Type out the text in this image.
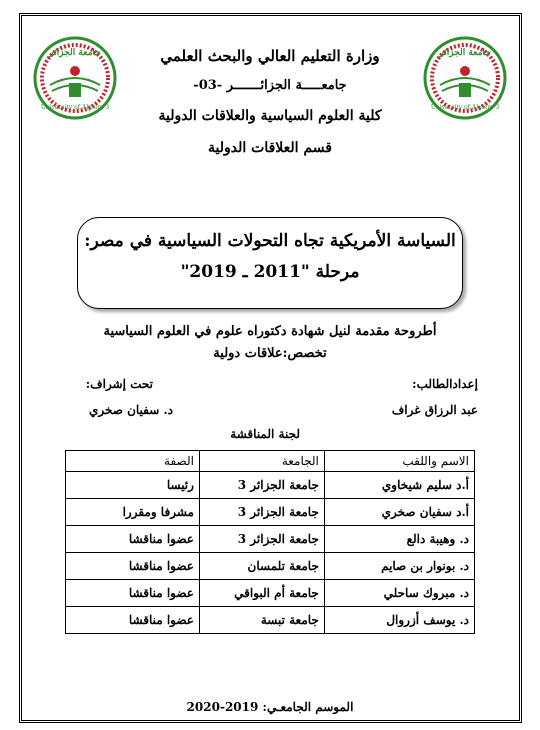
جامعة الجزائر
University of Algiers 3
جامعة الجزائر
University of Algiers 3
وزارة التعليم العالي والبحث العلمي
جامعـــــة الجزائـــــــر -03-
كلية العلوم السياسية والعلاقات الدولية
قسم العلاقات الدولية
السياسة الأمريكية تجاه التحولات السياسية في مصر:
مرحلة "2011 ـ 2019"
أطروحة مقدمة لنيل شهادة دكتوراه علوم في العلوم السياسية
تخصص:علاقات دولية
إعدادالطالب:
عبد الرزاق غراف
تحت إشراف:
د. سفيان صخري
لجنة المناقشة
الاسم واللقب	الجامعة	الصفة
أ.د سليم شيخاوي	جامعة الجزائر 3	رئيسا
أ.د سفيان صخري	جامعة الجزائر 3	مشرفا ومقررا
د. وهيبة دالع	جامعة الجزائر 3	عضوا مناقشا
د. بونوار بن صايم	جامعة تلمسان	عضوا مناقشا
د. مبروك ساحلي	جامعة أم البواقي	عضوا مناقشا
د. يوسف أزروال	جامعة تبسة	عضوا مناقشا
الموسم الجامعـي: 2019-2020
